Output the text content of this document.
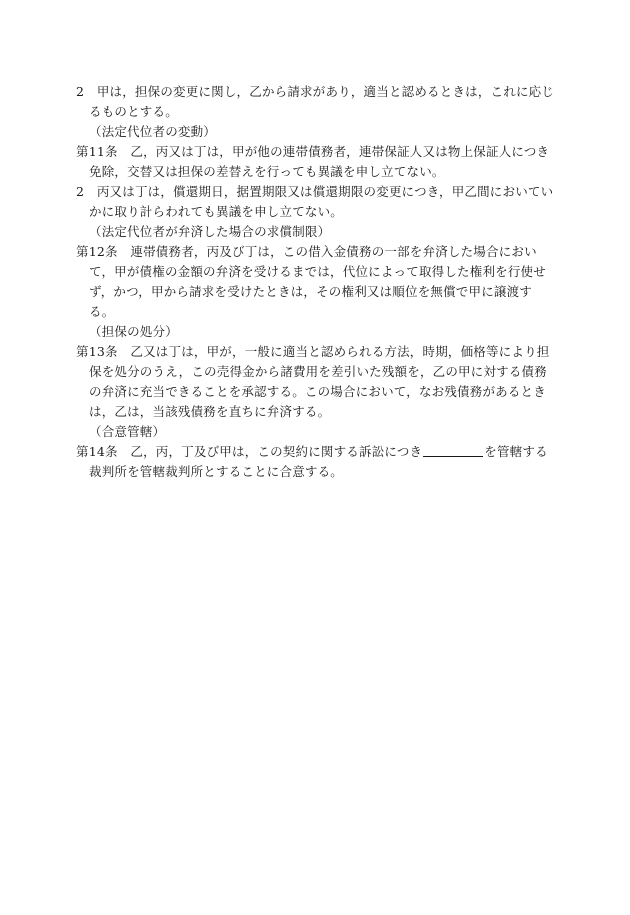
2　甲は，担保の変更に関し，乙から請求があり，適当と認めるときは，これに応じるものとする。

（法定代位者の変動）

第11条　乙，丙又は丁は，甲が他の連帯債務者，連帯保証人又は物上保証人につき免除，交替又は担保の差替えを行っても異議を申し立てない。

2　丙又は丁は，償還期日，据置期限又は償還期限の変更につき，甲乙間においていかに取り計らわれても異議を申し立てない。

（法定代位者が弁済した場合の求償制限）

第12条　連帯債務者，丙及び丁は，この借入金債務の一部を弁済した場合において，甲が債権の金額の弁済を受けるまでは，代位によって取得した権利を行使せず，かつ，甲から請求を受けたときは，その権利又は順位を無償で甲に譲渡する。

（担保の処分）

第13条　乙又は丁は，甲が，一般に適当と認められる方法，時期，価格等により担保を処分のうえ，この売得金から諸費用を差引いた残額を，乙の甲に対する債務の弁済に充当できることを承認する。この場合において，なお残債務があるときは，乙は，当該残債務を直ちに弁済する。

（合意管轄）

第14条　乙，丙，丁及び甲は，この契約に関する訴訟につき	を管轄する裁判所を管轄裁判所とすることに合意する。
